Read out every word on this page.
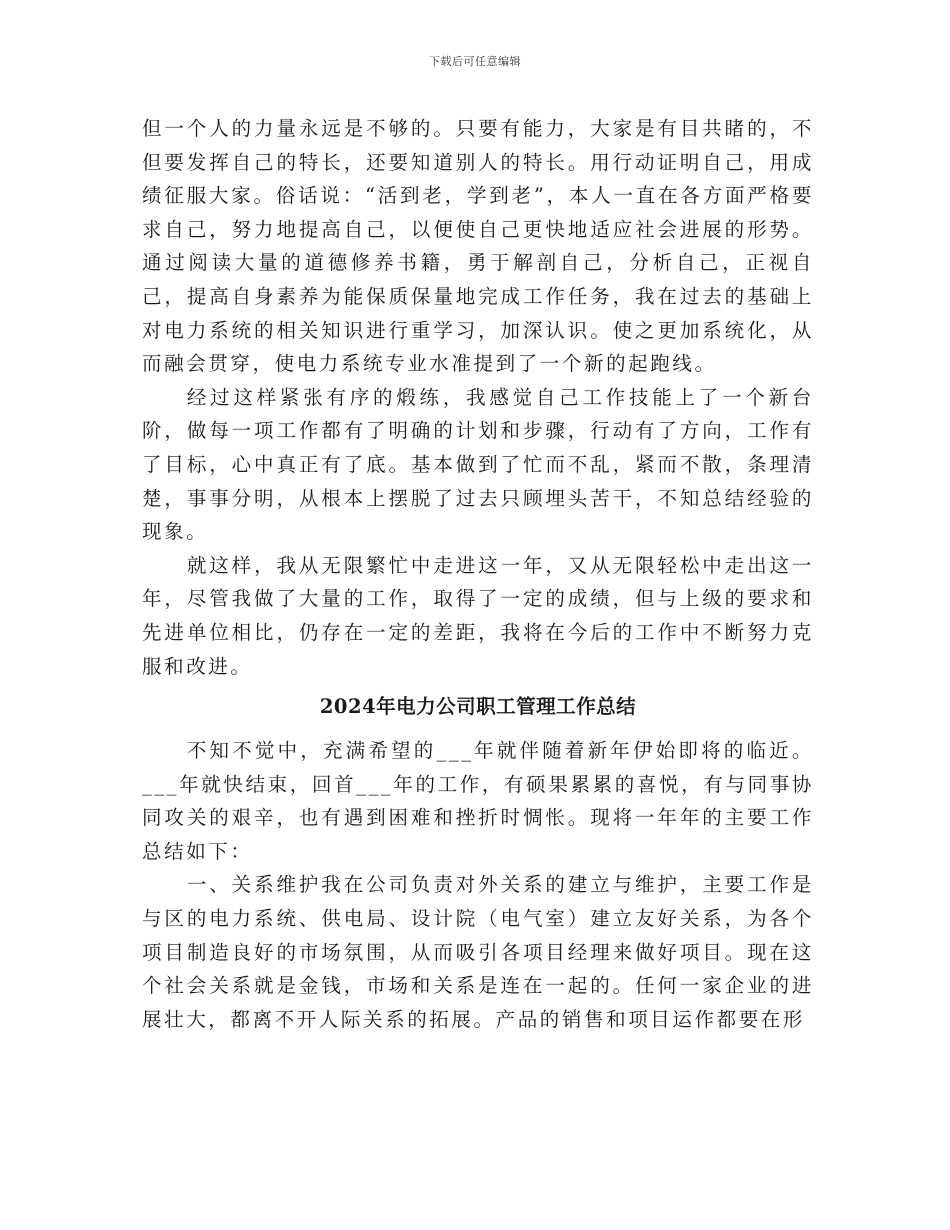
下载后可任意编辑

但一个人的力量永远是不够的。只要有能力，大家是有目共睹的，不但要发挥自己的特长，还要知道别人的特长。用行动证明自己，用成绩征服大家。俗话说：“活到老，学到老”，本人一直在各方面严格要求自己，努力地提高自己，以便使自己更快地适应社会进展的形势。通过阅读大量的道德修养书籍，勇于解剖自己，分析自己，正视自己，提高自身素养为能保质保量地完成工作任务，我在过去的基础上对电力系统的相关知识进行重学习，加深认识。使之更加系统化，从而融会贯穿，使电力系统专业水准提到了一个新的起跑线。

经过这样紧张有序的煅练，我感觉自己工作技能上了一个新台阶，做每一项工作都有了明确的计划和步骤，行动有了方向，工作有了目标，心中真正有了底。基本做到了忙而不乱，紧而不散，条理清楚，事事分明，从根本上摆脱了过去只顾埋头苦干，不知总结经验的现象。

就这样，我从无限繁忙中走进这一年，又从无限轻松中走出这一年，尽管我做了大量的工作，取得了一定的成绩，但与上级的要求和先进单位相比，仍存在一定的差距，我将在今后的工作中不断努力克服和改进。

2024年电力公司职工管理工作总结

不知不觉中，充满希望的___年就伴随着新年伊始即将的临近。___年就快结束，回首___年的工作，有硕果累累的喜悦，有与同事协同攻关的艰辛，也有遇到困难和挫折时惆怅。现将一年年的主要工作总结如下：

一、关系维护我在公司负责对外关系的建立与维护，主要工作是与区的电力系统、供电局、设计院（电气室）建立友好关系，为各个项目制造良好的市场氛围，从而吸引各项目经理来做好项目。现在这个社会关系就是金钱，市场和关系是连在一起的。任何一家企业的进展壮大，都离不开人际关系的拓展。产品的销售和项目运作都要在形
